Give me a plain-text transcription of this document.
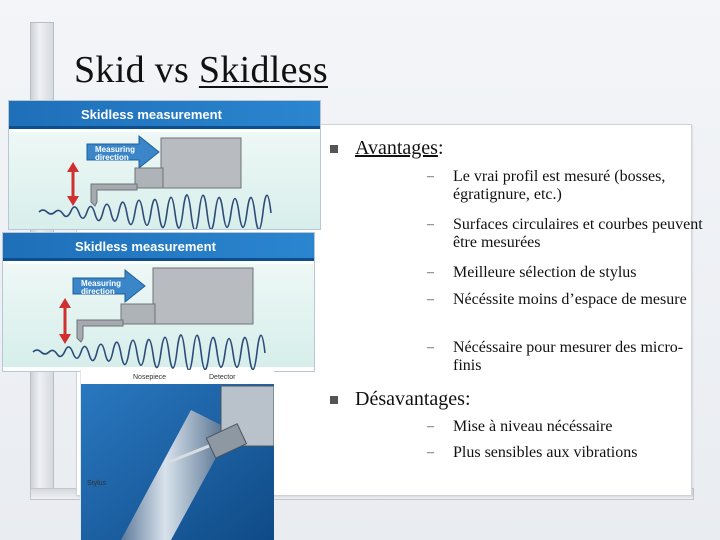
Skid vs Skidless
Skidless measurement
Measuring
direction
Skidless measurement
Measuring
direction
Nosepiece	Detector
Stylus
Avantages:
– Le vrai profil est mesuré (bosses, égratignure, etc.)
– Surfaces circulaires et courbes peuvent être mesurées
– Meilleure sélection de stylus
– Nécéssite moins d’espace de mesure
– Nécéssaire pour mesurer des micro-finis
Désavantages:
– Mise à niveau nécéssaire
– Plus sensibles aux vibrations
